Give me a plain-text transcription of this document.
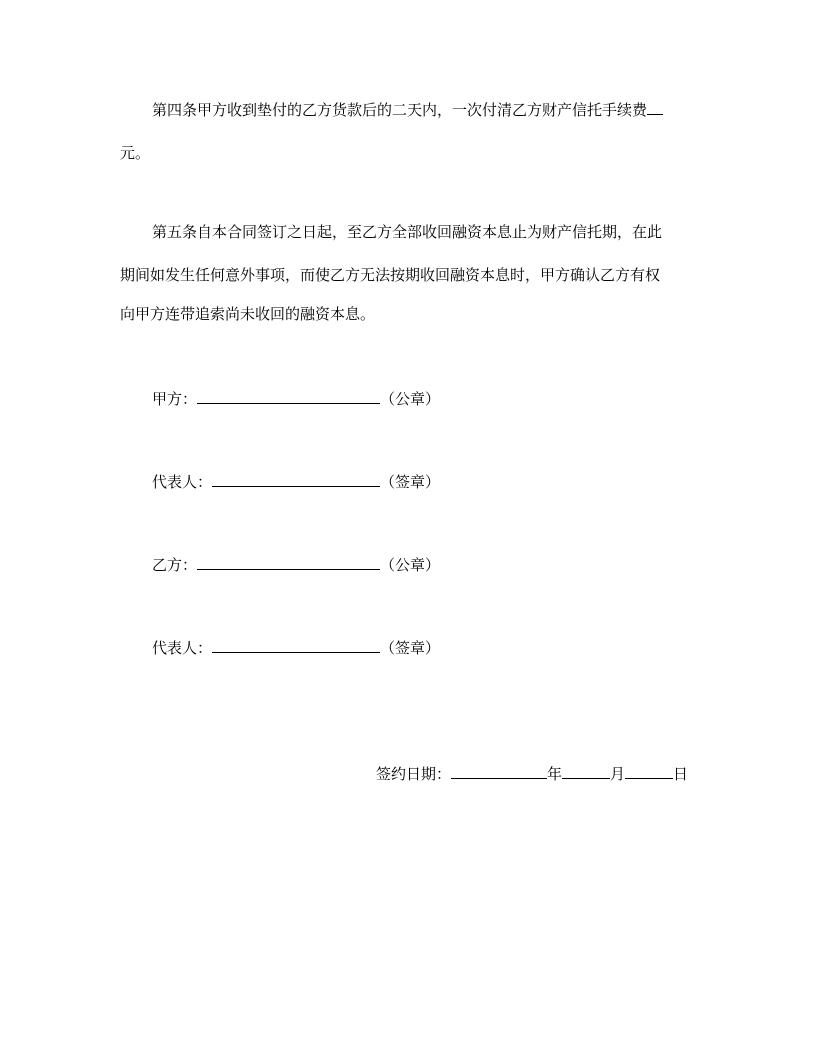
第四条甲方收到垫付的乙方货款后的二天内，一次付清乙方财产信托手续费
元。
第五条自本合同签订之日起，至乙方全部收回融资本息止为财产信托期，在此
期间如发生任何意外事项，而使乙方无法按期收回融资本息时，甲方确认乙方有权
向甲方连带追索尚未收回的融资本息。
甲方：	（公章）
代表人：	（签章）
乙方：	（公章）
代表人：	（签章）
签约日期：	年	月	日
